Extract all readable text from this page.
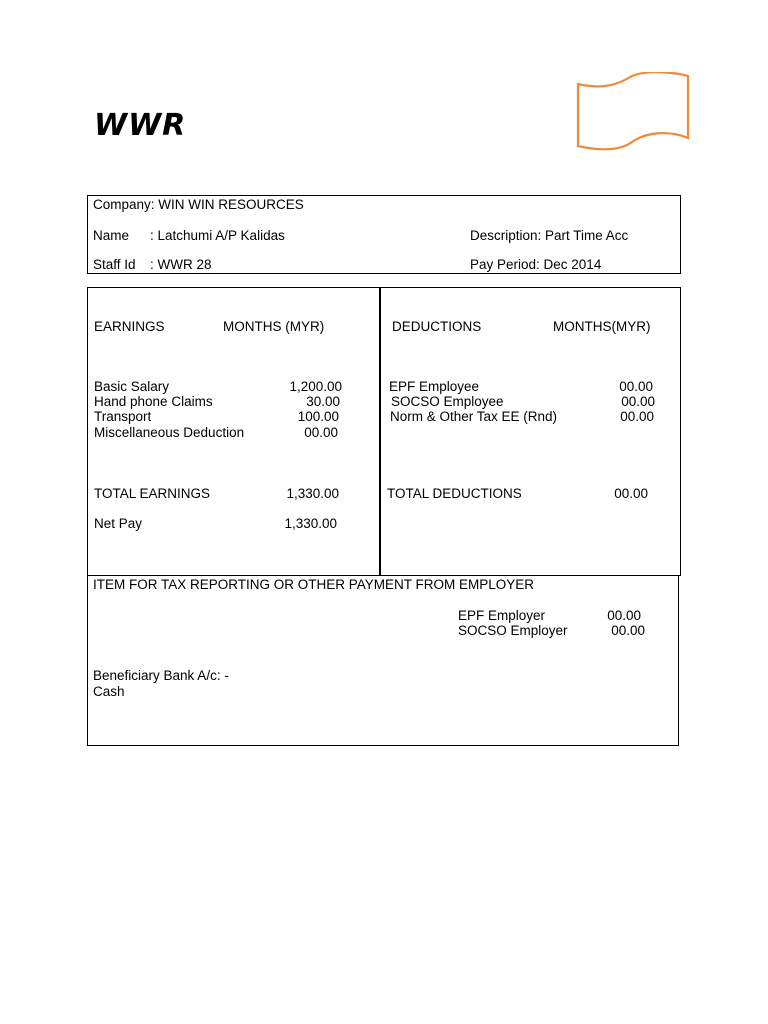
WWR
Company: WIN WIN RESOURCES
Name : Latchumi A/P Kalidas
Staff Id : WWR 28
Description: Part Time Acc
Pay Period: Dec 2014
EARNINGS	MONTHS (MYR)
Basic Salary	1,200.00
Hand phone Claims	30.00
Transport	100.00
Miscellaneous Deduction	00.00
TOTAL EARNINGS	1,330.00
Net Pay	1,330.00
DEDUCTIONS	MONTHS(MYR)
EPF Employee	00.00
SOCSO Employee	00.00
Norm & Other Tax EE (Rnd)	00.00
TOTAL DEDUCTIONS	00.00
ITEM FOR TAX REPORTING OR OTHER PAYMENT FROM EMPLOYER
EPF Employer	00.00
SOCSO Employer	00.00
Beneficiary Bank A/c: -
Cash
